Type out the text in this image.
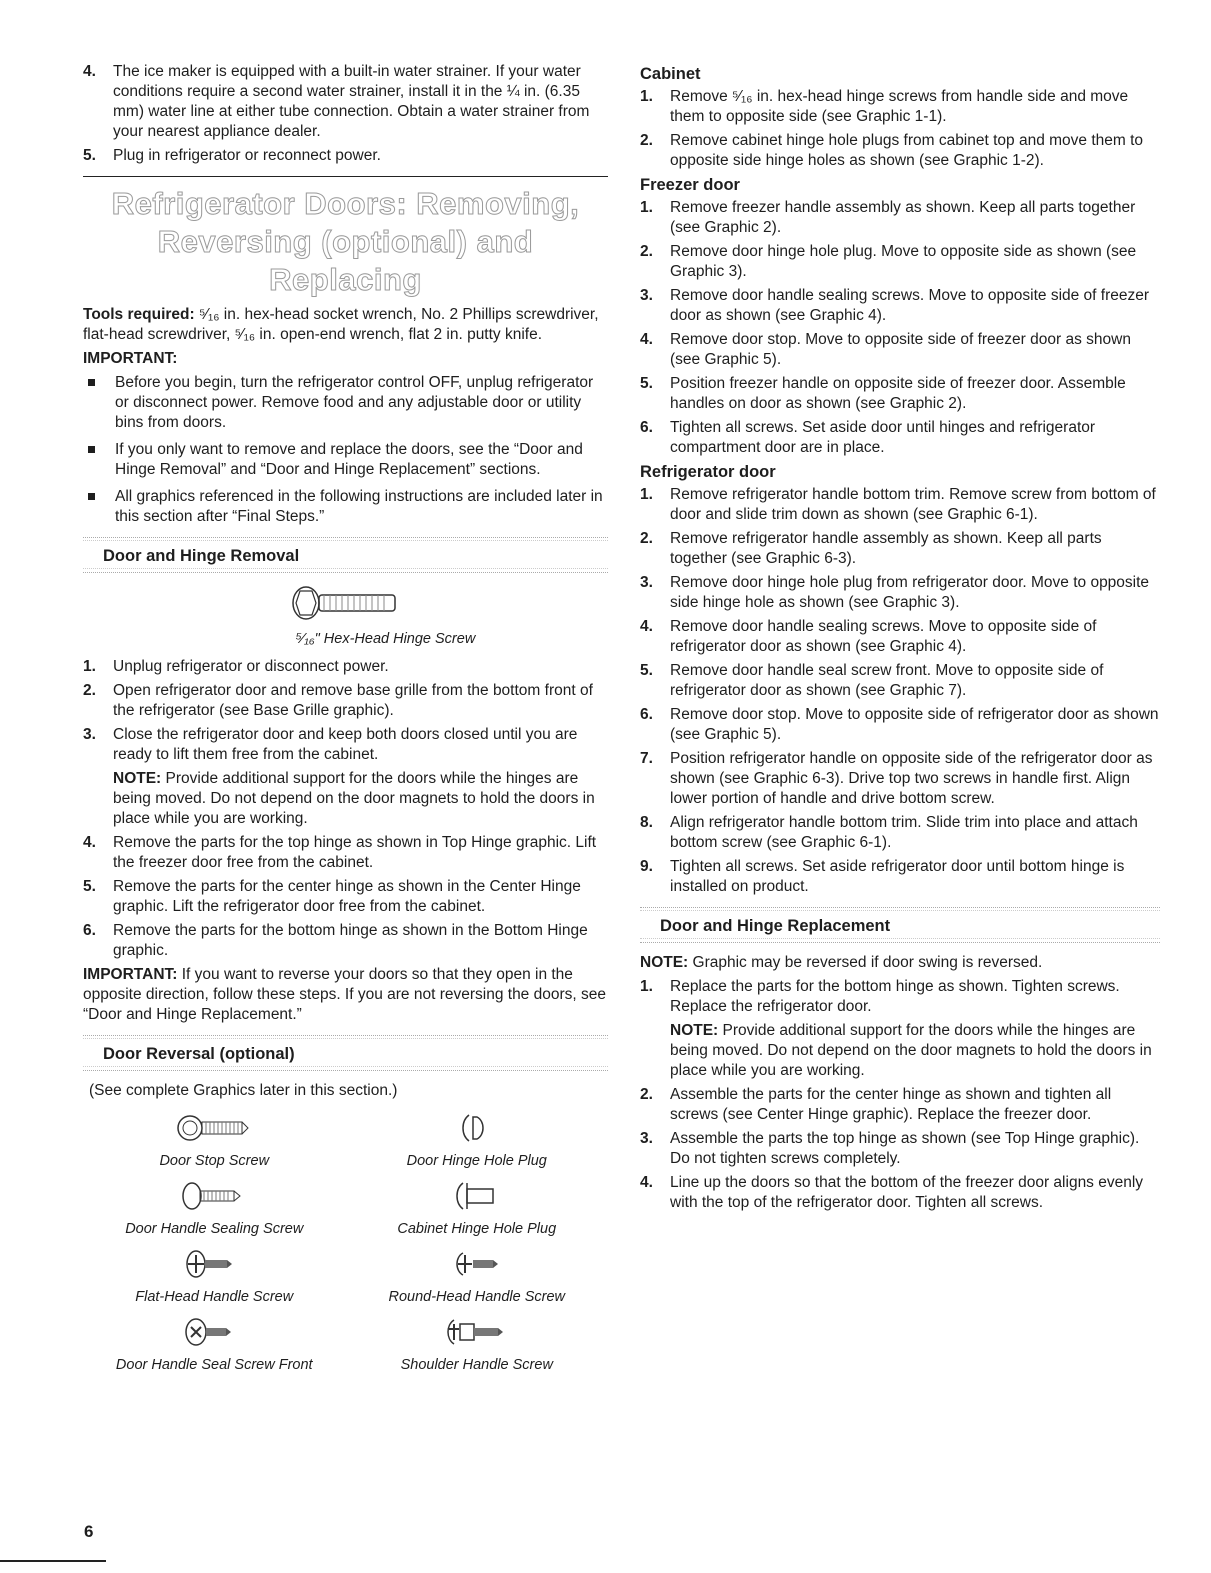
4. The ice maker is equipped with a built-in water strainer. If your water conditions require a second water strainer, install it in the ¼ in. (6.35 mm) water line at either tube connection. Obtain a water strainer from your nearest appliance dealer.
5. Plug in refrigerator or reconnect power.
Refrigerator Doors: Removing,
Reversing (optional) and Replacing

Tools required: ⁵⁄₁₆ in. hex-head socket wrench, No. 2 Phillips screwdriver, flat-head screwdriver, ⁵⁄₁₆ in. open-end wrench, flat 2 in. putty knife.

IMPORTANT:

Before you begin, turn the refrigerator control OFF, unplug refrigerator or disconnect power. Remove food and any adjustable door or utility bins from doors.
If you only want to remove and replace the doors, see the “Door and Hinge Removal” and “Door and Hinge Replacement” sections.
All graphics referenced in the following instructions are included later in this section after “Final Steps.”
Door and Hinge Removal
⁵⁄₁₆" Hex-Head Hinge Screw
1. Unplug refrigerator or disconnect power.
2. Open refrigerator door and remove base grille from the bottom front of the refrigerator (see Base Grille graphic).
3. Close the refrigerator door and keep both doors closed until you are ready to lift them free from the cabinet.
NOTE: Provide additional support for the doors while the hinges are being moved. Do not depend on the door magnets to hold the doors in place while you are working.
4. Remove the parts for the top hinge as shown in Top Hinge graphic. Lift the freezer door free from the cabinet.
5. Remove the parts for the center hinge as shown in the Center Hinge graphic. Lift the refrigerator door free from the cabinet.
6. Remove the parts for the bottom hinge as shown in the Bottom Hinge graphic.

IMPORTANT: If you want to reverse your doors so that they open in the opposite direction, follow these steps. If you are not reversing the doors, see “Door and Hinge Replacement.”

Door Reversal (optional)

(See complete Graphics later in this section.)

Door Stop Screw	Door Hinge Hole Plug
Door Handle Sealing Screw	Cabinet Hinge Hole Plug
Flat-Head Handle Screw	Round-Head Handle Screw
Door Handle Seal Screw Front	Shoulder Handle Screw
Cabinet
1. Remove ⁵⁄₁₆ in. hex-head hinge screws from handle side and move them to opposite side (see Graphic 1-1).
2. Remove cabinet hinge hole plugs from cabinet top and move them to opposite side hinge holes as shown (see Graphic 1-2).
Freezer door
1. Remove freezer handle assembly as shown. Keep all parts together (see Graphic 2).
2. Remove door hinge hole plug. Move to opposite side as shown (see Graphic 3).
3. Remove door handle sealing screws. Move to opposite side of freezer door as shown (see Graphic 4).
4. Remove door stop. Move to opposite side of freezer door as shown (see Graphic 5).
5. Position freezer handle on opposite side of freezer door. Assemble handles on door as shown (see Graphic 2).
6. Tighten all screws. Set aside door until hinges and refrigerator compartment door are in place.
Refrigerator door
1. Remove refrigerator handle bottom trim. Remove screw from bottom of door and slide trim down as shown (see Graphic 6-1).
2. Remove refrigerator handle assembly as shown. Keep all parts together (see Graphic 6-3).
3. Remove door hinge hole plug from refrigerator door. Move to opposite side hinge hole as shown (see Graphic 3).
4. Remove door handle sealing screws. Move to opposite side of refrigerator door as shown (see Graphic 4).
5. Remove door handle seal screw front. Move to opposite side of refrigerator door as shown (see Graphic 7).
6. Remove door stop. Move to opposite side of refrigerator door as shown (see Graphic 5).
7. Position refrigerator handle on opposite side of the refrigerator door as shown (see Graphic 6-3). Drive top two screws in handle first. Align lower portion of handle and drive bottom screw.
8. Align refrigerator handle bottom trim. Slide trim into place and attach bottom screw (see Graphic 6-1).
9. Tighten all screws. Set aside refrigerator door until bottom hinge is installed on product.
Door and Hinge Replacement

NOTE: Graphic may be reversed if door swing is reversed.

1. Replace the parts for the bottom hinge as shown. Tighten screws. Replace the refrigerator door.
NOTE: Provide additional support for the doors while the hinges are being moved. Do not depend on the door magnets to hold the doors in place while you are working.
2. Assemble the parts for the center hinge as shown and tighten all screws (see Center Hinge graphic). Replace the freezer door.
3. Assemble the parts the top hinge as shown (see Top Hinge graphic). Do not tighten screws completely.
4. Line up the doors so that the bottom of the freezer door aligns evenly with the top of the refrigerator door. Tighten all screws.
6
